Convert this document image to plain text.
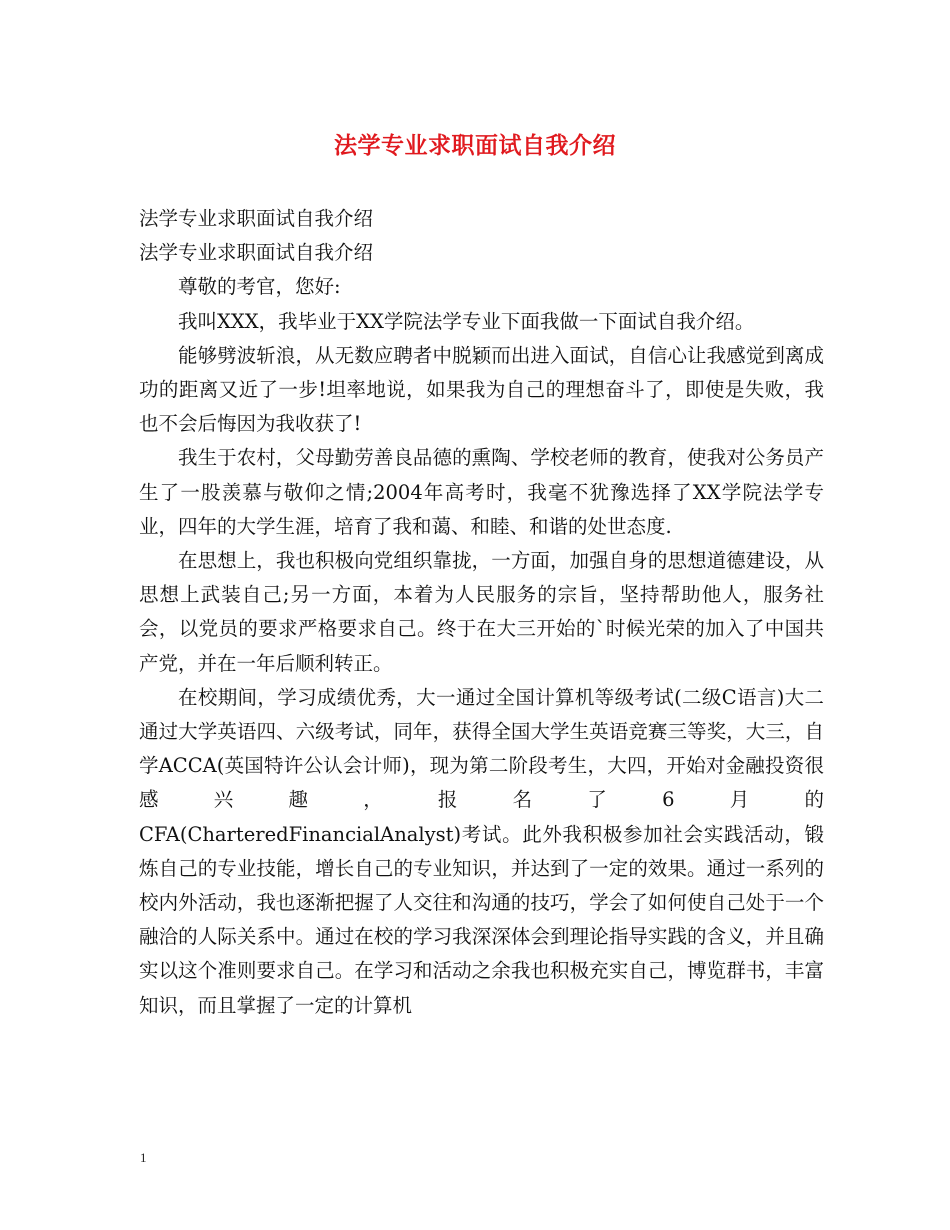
法学专业求职面试自我介绍
法学专业求职面试自我介绍
法学专业求职面试自我介绍

尊敬的考官，您好:

我叫XXX，我毕业于XX学院法学专业下面我做一下面试自我介绍。

能够劈波斩浪，从无数应聘者中脱颖而出进入面试，自信心让我感觉到离成功的距离又近了一步!坦率地说，如果我为自己的理想奋斗了，即使是失败，我也不会后悔因为我收获了!

我生于农村，父母勤劳善良品德的熏陶、学校老师的教育，使我对公务员产生了一股羡慕与敬仰之情;2004年高考时，我毫不犹豫选择了XX学院法学专业，四年的大学生涯，培育了我和蔼、和睦、和谐的处世态度.

在思想上，我也积极向党组织靠拢，一方面，加强自身的思想道德建设，从思想上武装自己;另一方面，本着为人民服务的宗旨，坚持帮助他人，服务社会，以党员的要求严格要求自己。终于在大三开始的`时候光荣的加入了中国共产党，并在一年后顺利转正。

在校期间，学习成绩优秀，大一通过全国计算机等级考试(二级C语言)大二通过大学英语四、六级考试，同年，获得全国大学生英语竞赛三等奖，大三，自学ACCA(英国特许公认会计师)，现为第二阶段考生，大四，开始对金融投资很感兴趣，报名了6月的

CFA(CharteredFinancialAnalyst)考试。此外我积极参加社会实践活动，锻炼自己的专业技能，增长自己的专业知识，并达到了一定的效果。通过一系列的校内外活动，我也逐渐把握了人交往和沟通的技巧，学会了如何使自己处于一个融洽的人际关系中。通过在校的学习我深深体会到理论指导实践的含义，并且确实以这个准则要求自己。在学习和活动之余我也积极充实自己，博览群书，丰富知识，而且掌握了一定的计算机

1
